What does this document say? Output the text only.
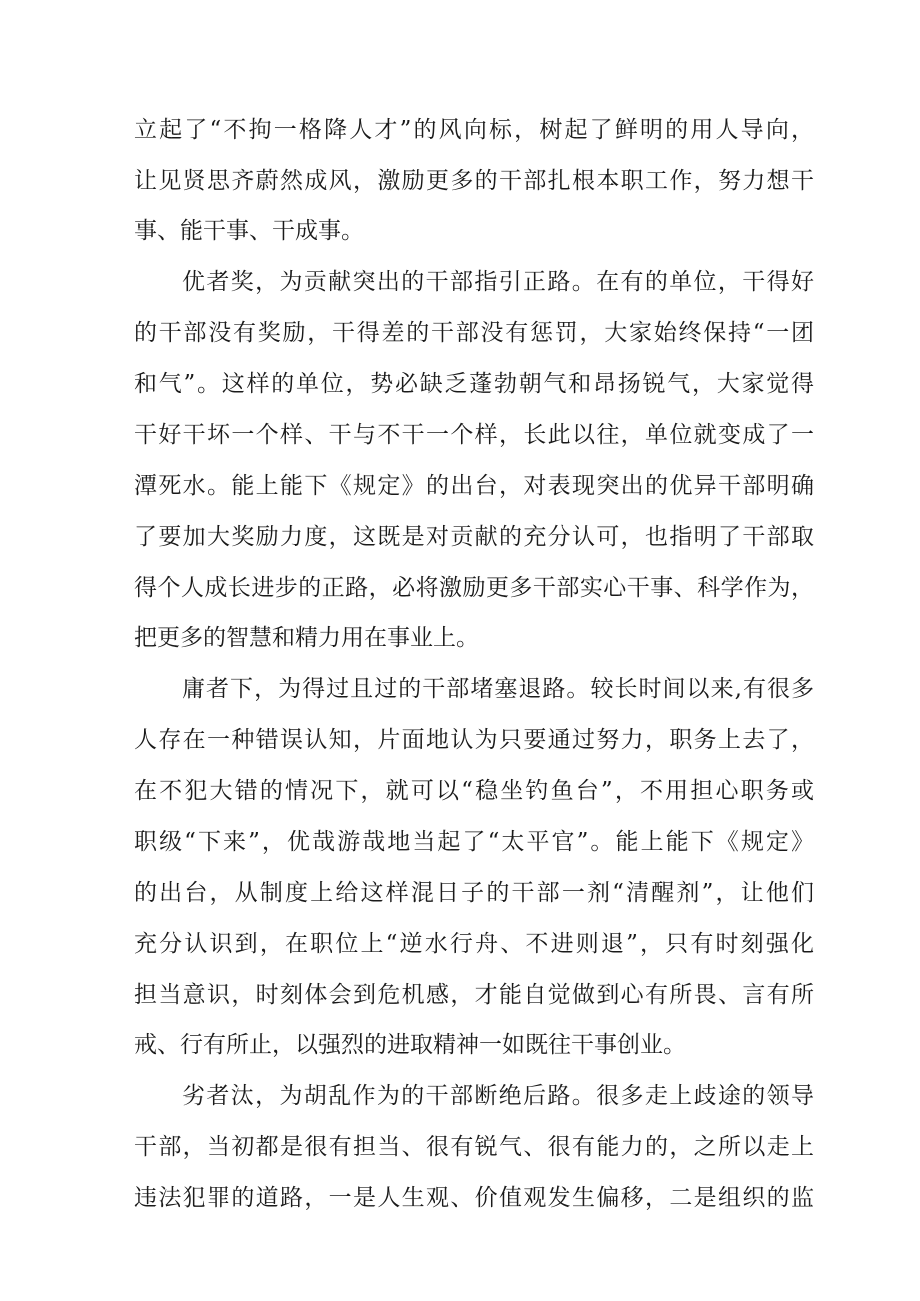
立起了“不拘一格降人才”的风向标，树起了鲜明的用人导向，
让见贤思齐蔚然成风，激励更多的干部扎根本职工作，努力想干
事、能干事、干成事。
优者奖，为贡献突出的干部指引正路。在有的单位，干得好
的干部没有奖励，干得差的干部没有惩罚，大家始终保持“一团
和气”。这样的单位，势必缺乏蓬勃朝气和昂扬锐气，大家觉得
干好干坏一个样、干与不干一个样，长此以往，单位就变成了一
潭死水。能上能下《规定》的出台，对表现突出的优异干部明确
了要加大奖励力度，这既是对贡献的充分认可，也指明了干部取
得个人成长进步的正路，必将激励更多干部实心干事、科学作为，
把更多的智慧和精力用在事业上。
庸者下，为得过且过的干部堵塞退路。较长时间以来,有很多
人存在一种错误认知，片面地认为只要通过努力，职务上去了，
在不犯大错的情况下，就可以“稳坐钓鱼台”，不用担心职务或
职级“下来”，优哉游哉地当起了“太平官”。能上能下《规定》
的出台，从制度上给这样混日子的干部一剂“清醒剂”，让他们
充分认识到，在职位上“逆水行舟、不进则退”，只有时刻强化
担当意识，时刻体会到危机感，才能自觉做到心有所畏、言有所
戒、行有所止，以强烈的进取精神一如既往干事创业。
劣者汰，为胡乱作为的干部断绝后路。很多走上歧途的领导
干部，当初都是很有担当、很有锐气、很有能力的，之所以走上
违法犯罪的道路，一是人生观、价值观发生偏移，二是组织的监
